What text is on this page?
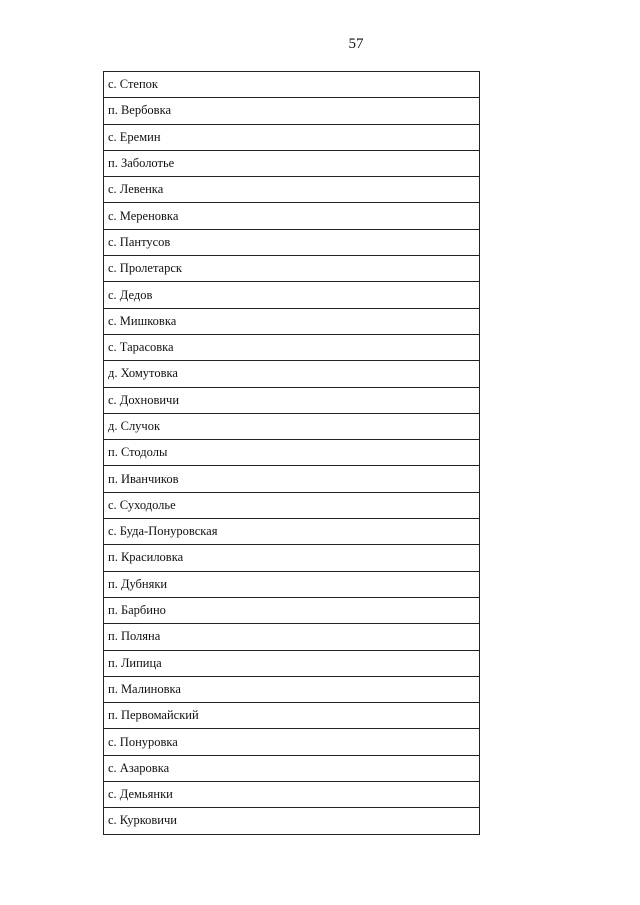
57
с. Степок
п. Вербовка
с. Еремин
п. Заболотье
с. Левенка
с. Мереновка
с. Пантусов
с. Пролетарск
с. Дедов
с. Мишковка
с. Тарасовка
д. Хомутовка
с. Дохновичи
д. Случок
п. Стодолы
п. Иванчиков
с. Суходолье
с. Буда-Понуровская
п. Красиловка
п. Дубняки
п. Барбино
п. Поляна
п. Липица
п. Малиновка
п. Первомайский
с. Понуровка
с. Азаровка
с. Демьянки
с. Курковичи
